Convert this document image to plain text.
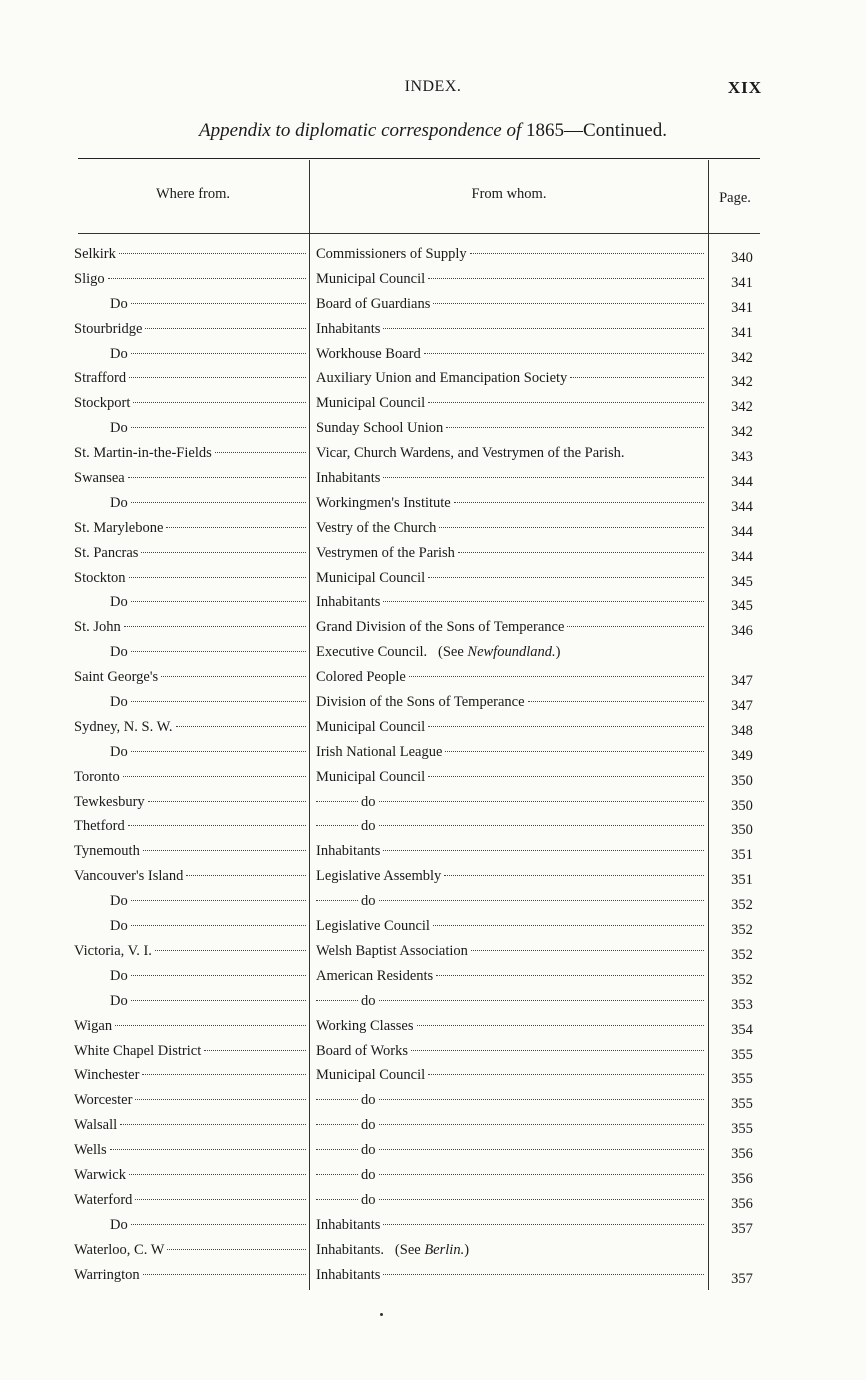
INDEX.	XIX
Appendix to diplomatic correspondence of 1865—Continued.
Where from.	From whom.	Page.
Selkirk	Commissioners of Supply	340
Sligo	Municipal Council	341
Do	Board of Guardians	341
Stourbridge	Inhabitants	341
Do	Workhouse Board	342
Strafford	Auxiliary Union and Emancipation Society	342
Stockport	Municipal Council	342
Do	Sunday School Union	342
St. Martin-in-the-Fields	Vicar, Church Wardens, and Vestrymen of the Parish.	343
Swansea	Inhabitants	344
Do	Workingmen's Institute	344
St. Marylebone	Vestry of the Church	344
St. Pancras	Vestrymen of the Parish	344
Stockton	Municipal Council	345
Do	Inhabitants	345
St. John	Grand Division of the Sons of Temperance	346
Do	Executive Council.   (See Newfoundland. )
Saint George's	Colored People	347
Do	Division of the Sons of Temperance	347
Sydney, N. S. W.	Municipal Council	348
Do	Irish National League	349
Toronto	Municipal Council	350
Tewkesbury	do	350
Thetford	do	350
Tynemouth	Inhabitants	351
Vancouver's Island	Legislative Assembly	351
Do	do	352
Do	Legislative Council	352
Victoria, V. I.	Welsh Baptist Association	352
Do	American Residents	352
Do	do	353
Wigan	Working Classes	354
White Chapel District	Board of Works	355
Winchester	Municipal Council	355
Worcester	do	355
Walsall	do	355
Wells	do	356
Warwick	do	356
Waterford	do	356
Do	Inhabitants	357
Waterloo, C. W	Inhabitants.   (See Berlin. )
Warrington	Inhabitants	357
